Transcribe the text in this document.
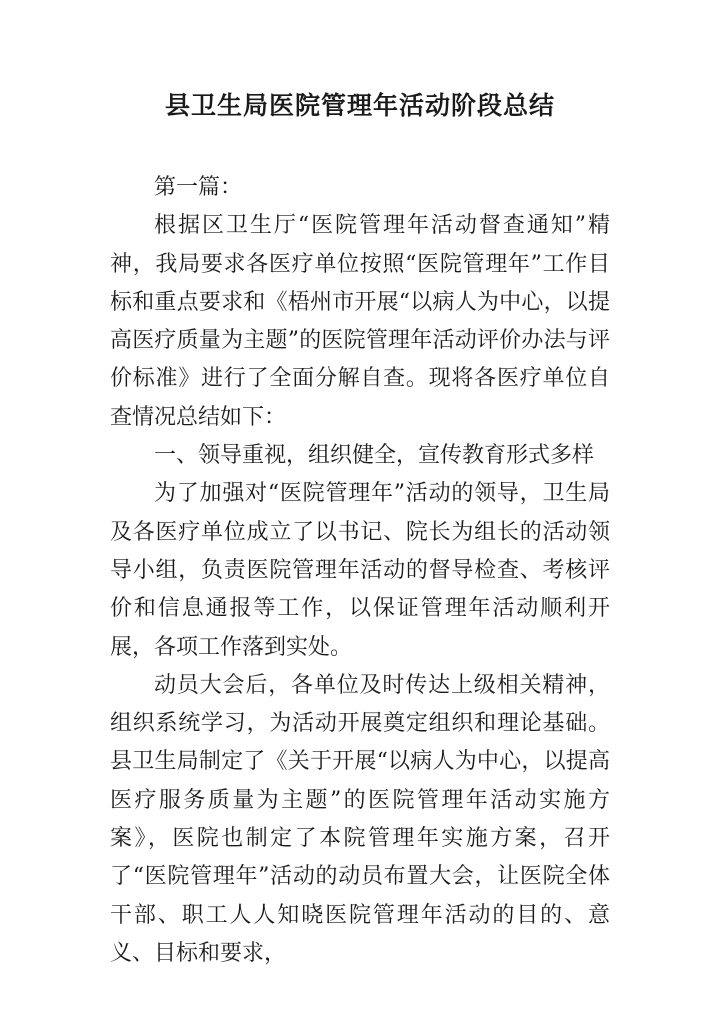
县卫生局医院管理年活动阶段总结

第一篇：

根据区卫生厅“医院管理年活动督查通知”精神，我局要求各医疗单位按照“医院管理年”工作目标和重点要求和《梧州市开展“以病人为中心，以提高医疗质量为主题”的医院管理年活动评价办法与评价标准》进行了全面分解自查。现将各医疗单位自查情况总结如下：

一、领导重视，组织健全，宣传教育形式多样

为了加强对“医院管理年”活动的领导，卫生局及各医疗单位成立了以书记、院长为组长的活动领导小组，负责医院管理年活动的督导检查、考核评价和信息通报等工作，以保证管理年活动顺利开展，各项工作落到实处。

动员大会后，各单位及时传达上级相关精神，组织系统学习，为活动开展奠定组织和理论基础。县卫生局制定了《关于开展“以病人为中心，以提高医疗服务质量为主题”的医院管理年活动实施方案》，医院也制定了本院管理年实施方案，召开了“医院管理年”活动的动员布置大会，让医院全体干部、职工人人知晓医院管理年活动的目的、意义、目标和要求，
